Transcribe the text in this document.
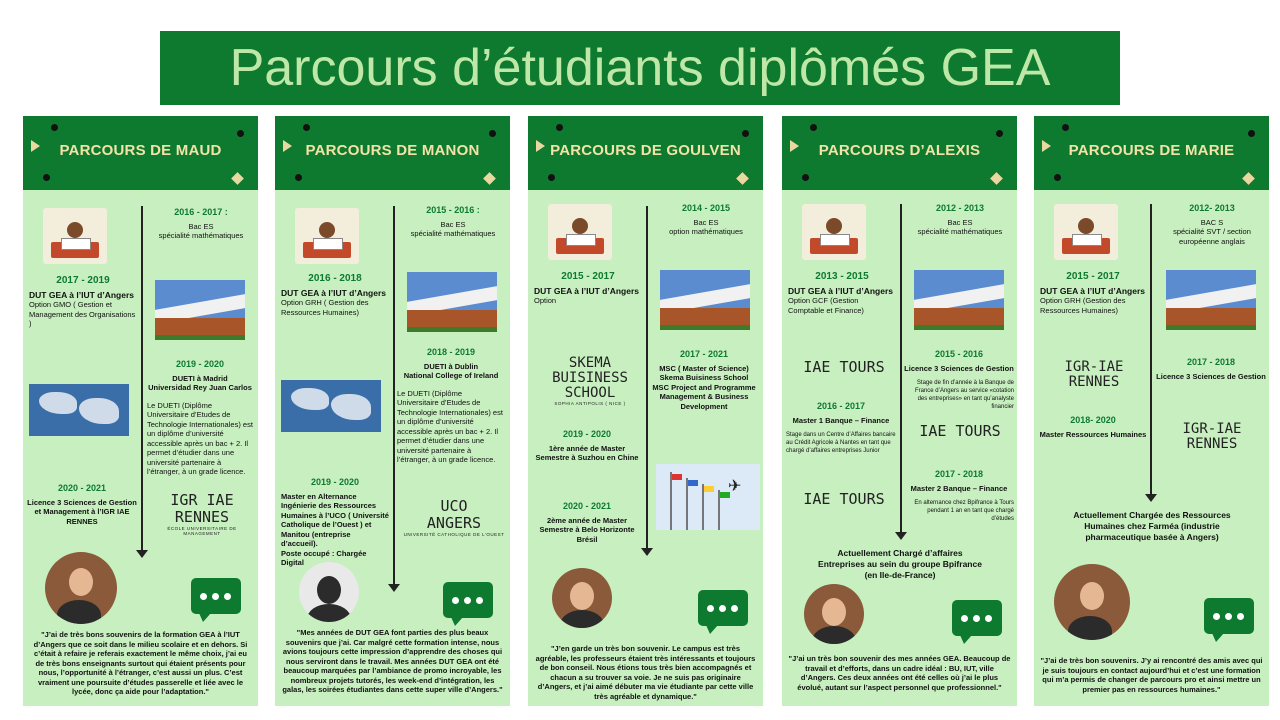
Parcours d’étudiants diplômés GEA
PARCOURS DE MAUD
2016 - 2017 :
Bac ES
spécialité mathématiques
2017 - 2019
DUT GEA à l’IUT d’Angers
Option GMO ( Gestion et Management des Organisations )
2019 - 2020
DUETI à Madrid
Universidad Rey Juan Carlos
Le DUETI (Diplôme Universitaire d’Etudes de Technologie Internationales) est un diplôme d’université accessible après un bac + 2. Il permet d’étudier dans une université partenaire à l’étranger, à un grade licence.
2020 - 2021
Licence 3 Sciences de Gestion et Management à l’IGR IAE RENNES
IGR IAE
RENNES
ÉCOLE UNIVERSITAIRE DE MANAGEMENT
"J’ai de très bons souvenirs de la formation GEA à l’IUT d’Angers que ce soit dans le milieu scolaire et en dehors. Si c’était à refaire je referais exactement le même choix, j’ai eu de très bons enseignants surtout qui étaient présents pour nous, l’opportunité à l’étranger, c’est aussi un plus. C’est vraiment une poursuite d’études passerelle et liée avec le lycée, donc ça aide pour l’adaptation."
PARCOURS DE MANON
2015 - 2016 :
Bac ES
spécialité mathématiques
2016 - 2018
DUT GEA à l’IUT d’Angers
Option GRH ( Gestion des Ressources Humaines)
2018 - 2019
DUETI à Dublin
National College of Ireland
Le DUETI (Diplôme Universitaire d’Etudes de Technologie Internationales) est un diplôme d’université accessible après un bac + 2. Il permet d’étudier dans une université partenaire à l’étranger, à un grade licence.
2019 - 2020
Master en Alternance Ingénierie des Ressources Humaines à l’UCO ( Université Catholique de l’Ouest ) et Manitou (entreprise d’accueil).
Poste occupé : Chargée Digital
UCO
ANGERS
UNIVERSITÉ CATHOLIQUE DE L’OUEST
"Mes années de DUT GEA font parties des plus beaux souvenirs que j’ai. Car malgré cette formation intense, nous avions toujours cette impression d’apprendre des choses qui nous serviront dans le travail. Mes années DUT GEA ont été beaucoup marquées par l’ambiance de promo incroyable, les nombreux projets tutorés, les week-end d’intégration, les galas, les soirées étudiantes dans cette super ville d’Angers."
PARCOURS DE GOULVEN
2014 - 2015
Bac ES
option mathématiques
2015 - 2017
DUT GEA à l’IUT d’Angers
Option
SKEMA
BUISINESS
SCHOOL
SOPHIA ANTIPOLIS ( NICE )
2017 - 2021
MSC ( Master of Science)
Skema Buisiness School
MSC Project and Programme Management & Business Development
2019 - 2020
1ère année de Master
Semestre à Suzhou en Chine
✈
2020 - 2021
2ème année de Master
Semestre à Belo Horizonte Brésil
"J’en garde un très bon souvenir. Le campus est très agréable, les professeurs étaient très intéressants et toujours de bon conseil. Nous étions tous très bien accompagnés et chacun a su trouver sa voie. Je ne suis pas originaire d’Angers, et j’ai aimé débuter ma vie étudiante par cette ville très agréable et dynamique."
PARCOURS D’ALEXIS
2012 - 2013
Bac ES
spécialité mathématiques
2013 - 2015
DUT GEA à l’IUT d’Angers
Option GCF (Gestion Comptable et Finance)
IAE TOURS
2015 - 2016
Licence 3 Sciences de Gestion
Stage de fin d’année à la Banque de France d’Angers au service «cotation des entreprises» en tant qu’analyste financier
2016 - 2017
Master 1 Banque – Finance
Stage dans un Centre d’Affaires bancaire au Crédit Agricole à Nantes en tant que chargé d’affaires entreprises Junior
IAE TOURS
IAE TOURS
2017 - 2018
Master 2 Banque – Finance
En alternance chez Bpifrance à Tours pendant 1 an en tant que chargé d’études
Actuellement Chargé d’affaires
Entreprises au sein du groupe Bpifrance
(en Ile-de-France)
"J’ai un très bon souvenir des mes années GEA. Beaucoup de travail et d’efforts, dans un cadre idéal : BU, IUT, ville d’Angers. Ces deux années ont été celles où j’ai le plus évolué, autant sur l’aspect personnel que professionnel."
PARCOURS DE MARIE
2012- 2013
BAC S
spécialité SVT / section européenne anglais
2015 - 2017
DUT GEA à l’IUT d’Angers
Option GRH (Gestion des Ressources Humaines)
IGR-IAE
RENNES
2017 - 2018
Licence 3 Sciences de Gestion
2018- 2020
Master Ressources Humaines	IGR-IAE
RENNES
Actuellement Chargée des Ressources Humaines chez Farméa (industrie pharmaceutique basée à Angers)
"J’ai de très bon souvenirs. J’y ai rencontré des amis avec qui je suis toujours en contact aujourd’hui et c’est une formation qui m’a permis de changer de parcours pro et ainsi mettre un premier pas en ressources humaines."
